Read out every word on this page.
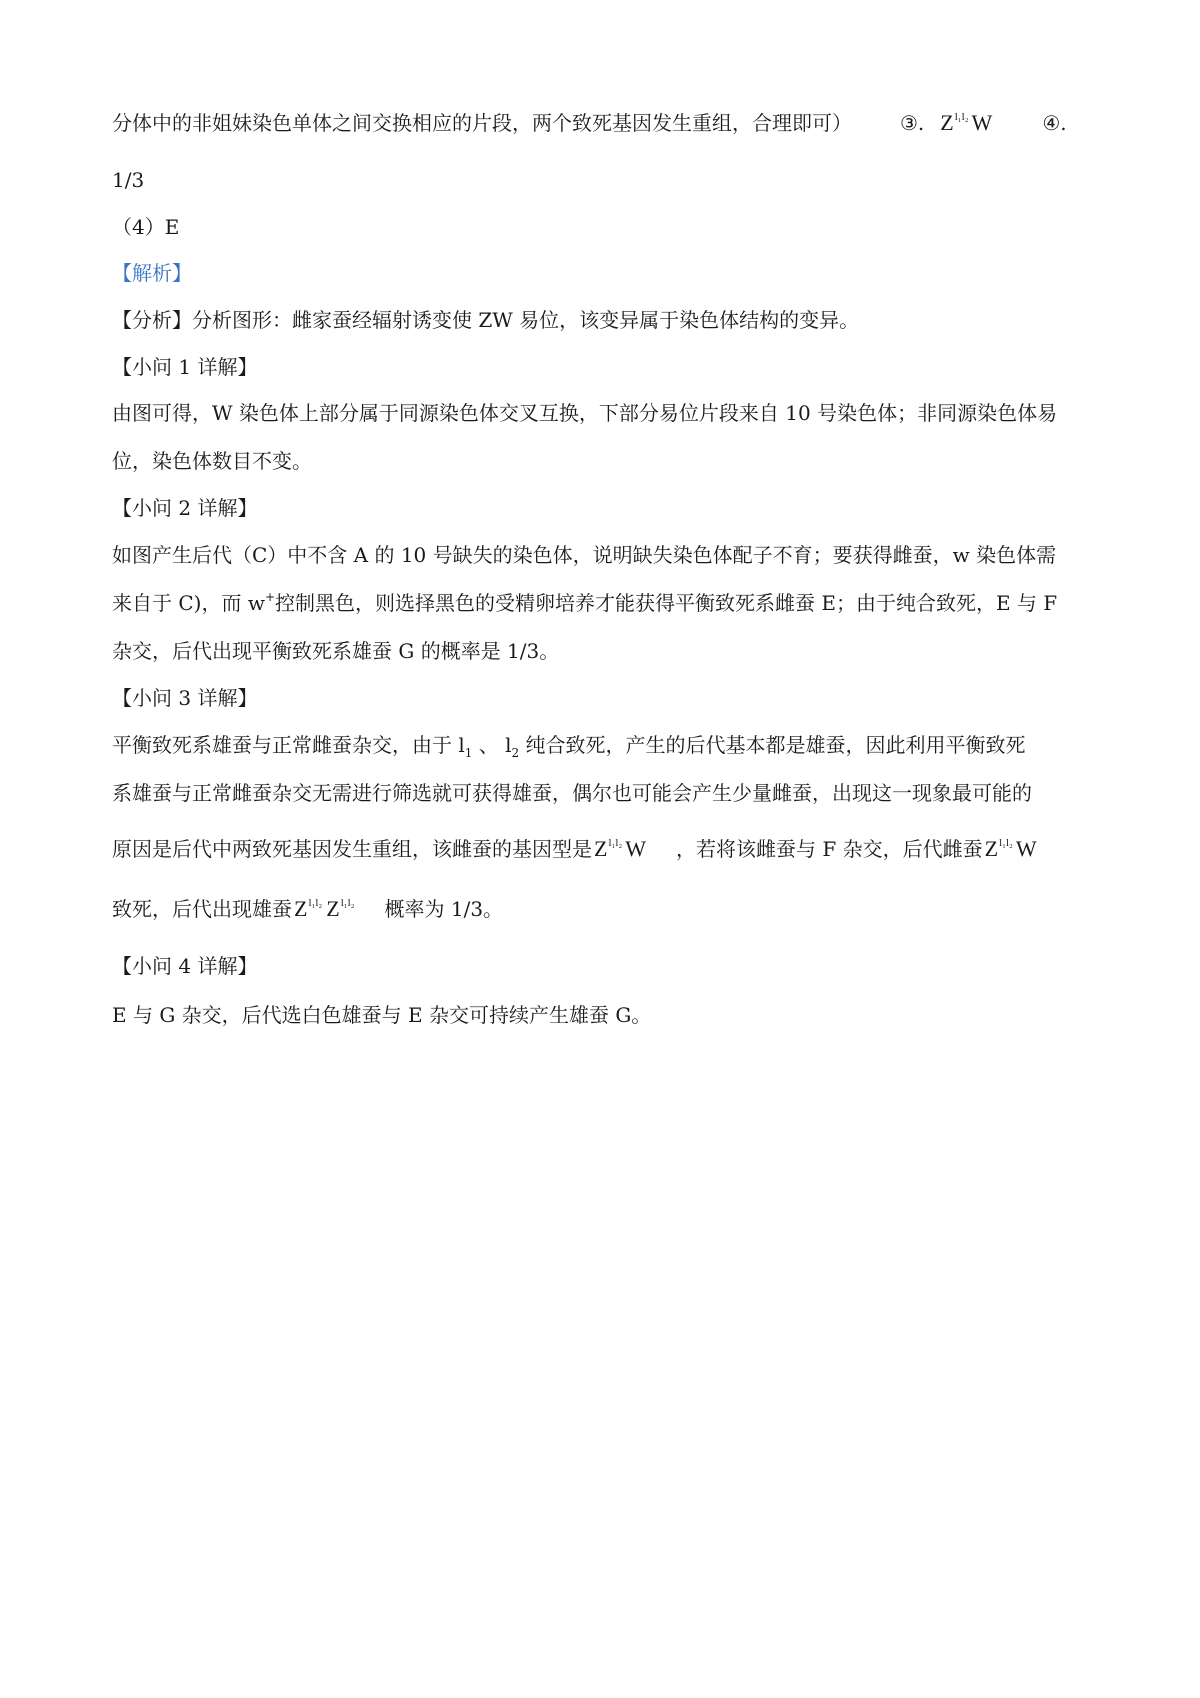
分体中的非姐妹染色单体之间交换相应的片段，两个致死基因发生重组，合理即可） ③. $Z^{l_1l_2}$ W	④.
1/3
（4）E
【解析】
【分析】分析图形：雌家蚕经辐射诱变使 ZW 易位，该变异属于染色体结构的变异。
【小问 1 详解】
由图可得，W 染色体上部分属于同源染色体交叉互换，下部分易位片段来自 10 号染色体；非同源染色体易
位，染色体数目不变。
【小问 2 详解】
如图产生后代（C）中不含 A 的 10 号缺失的染色体，说明缺失染色体配子不育；要获得雌蚕，w 染色体需
来自于 C)，而 w+控制黑色，则选择黑色的受精卵培养才能获得平衡致死系雌蚕 E；由于纯合致死，E 与 F
杂交，后代出现平衡致死系雄蚕 G 的概率是 1/3。
【小问 3 详解】
平衡致死系雄蚕与正常雌蚕杂交，由于 $l_1$ 、 $l_2$ 纯合致死，产生的后代基本都是雄蚕，因此利用平衡致死
系雄蚕与正常雌蚕杂交无需进行筛选就可获得雄蚕，偶尔也可能会产生少量雌蚕，出现这一现象最可能的
原因是后代中两致死基因发生重组，该雌蚕的基因型是$Z^{l_1l_2}$ W ，若将该雌蚕与 F 杂交，后代雌蚕$Z^{l_1l_2}$ W
致死，后代出现雄蚕$Z^{l_1l_2}$ $Z^{l_1l_2}$ 概率为 1/3。
【小问 4 详解】
E 与 G 杂交，后代选白色雄蚕与 E 杂交可持续产生雄蚕 G。
